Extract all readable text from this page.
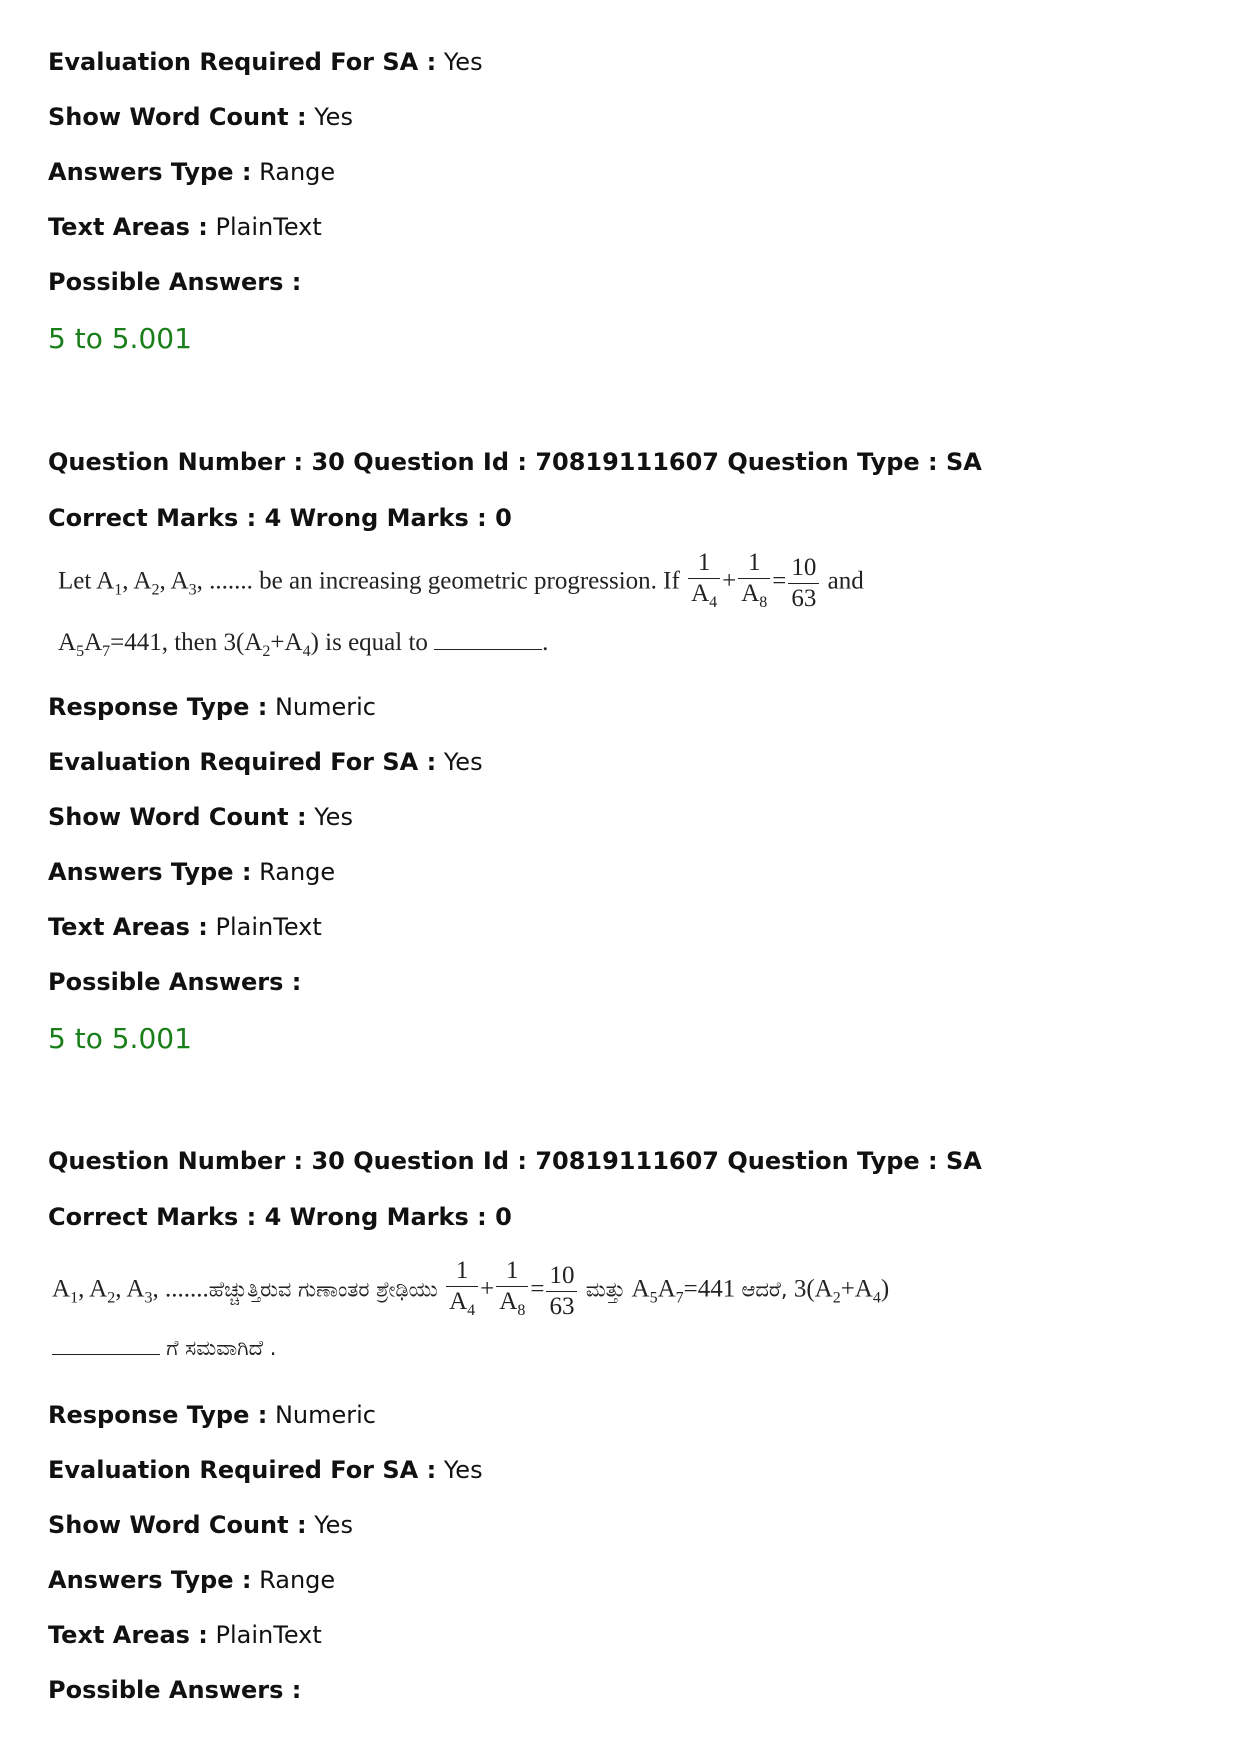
Evaluation Required For SA : Yes
Show Word Count : Yes
Answers Type : Range
Text Areas : PlainText
Possible Answers :
5 to 5.001
Question Number : 30 Question Id : 70819111607 Question Type : SA
Correct Marks : 4 Wrong Marks : 0
Let $A_1$, $A_2$, $A_3$, ....... be an increasing geometric progression. If $\frac{1}{A_4} + \frac{1}{A_8} = \frac{10}{63}$ and
$A_5A_7=441$, then $3(A_2+A_4)$ is equal to	.
Response Type : Numeric
Evaluation Required For SA : Yes
Show Word Count : Yes
Answers Type : Range
Text Areas : PlainText
Possible Answers :
5 to 5.001
Question Number : 30 Question Id : 70819111607 Question Type : SA
Correct Marks : 4 Wrong Marks : 0
$A_1$, $A_2$, $A_3$, .......ಹೆಚ್ಚುತ್ತಿರುವ ಗುಣಾಂತರ ಶ್ರೇಢಿಯು $\frac{1}{A_4} + \frac{1}{A_8} = \frac{10}{63}$ ಮತ್ತು $A_5A_7=441$ ಆದರೆ, $3(A_2+A_4)$
ಗೆ ಸಮವಾಗಿದೆ .
Response Type : Numeric
Evaluation Required For SA : Yes
Show Word Count : Yes
Answers Type : Range
Text Areas : PlainText
Possible Answers :
